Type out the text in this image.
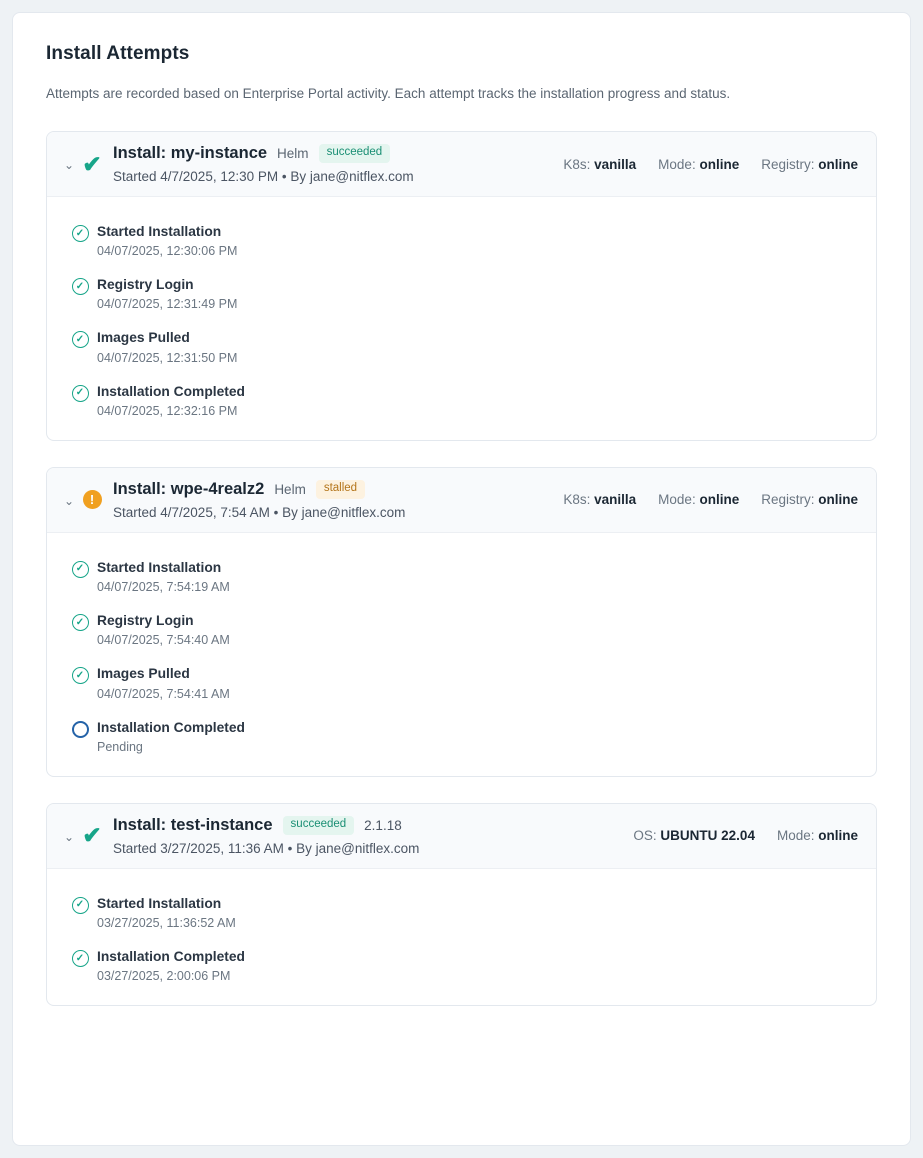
Install Attempts
Attempts are recorded based on Enterprise Portal activity. Each attempt tracks the installation progress and status.
⌄ ✔ Install: my-instance Helm	succeeded
Started 4/7/2025, 12:30 PM • By jane@nitflex.com
K8s: vanilla Mode: online Registry: online
✓ Started Installation
04/07/2025, 12:30:06 PM
✓ Registry Login
04/07/2025, 12:31:49 PM
✓ Images Pulled
04/07/2025, 12:31:50 PM
✓ Installation Completed
04/07/2025, 12:32:16 PM
⌄	!
Install: wpe-4realz2 Helm	stalled
Started 4/7/2025, 7:54 AM • By jane@nitflex.com
K8s: vanilla Mode: online Registry: online
✓ Started Installation
04/07/2025, 7:54:19 AM
✓ Registry Login
04/07/2025, 7:54:40 AM
✓ Images Pulled
04/07/2025, 7:54:41 AM
Installation Completed
Pending
⌄ ✔ Install: test-instance	succeeded	2.1.18
Started 3/27/2025, 11:36 AM • By jane@nitflex.com
OS: UBUNTU 22.04 Mode: online
✓ Started Installation
03/27/2025, 11:36:52 AM
✓ Installation Completed
03/27/2025, 2:00:06 PM
